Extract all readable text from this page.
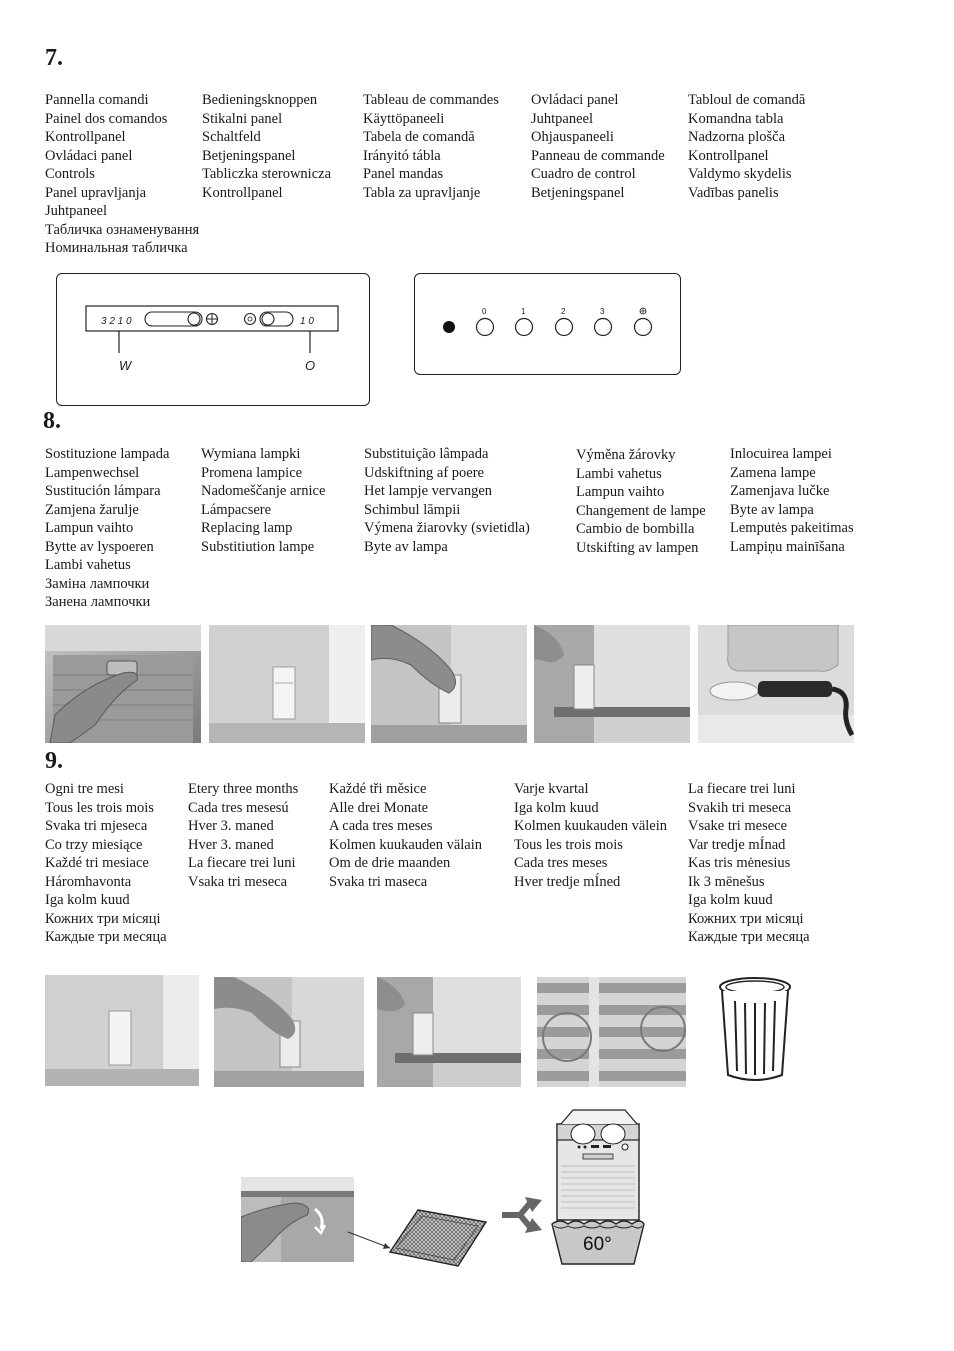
7.
Pannella comandi
Painel dos comandos
Kontrollpanel
Ovládaci panel
Controls
Panel upravljanja
Juhtpaneel
Табличка ознаменування
Номинальная табличка
Bedieningsknoppen
Stikalni panel
Schaltfeld
Betjeningspanel
Tabliczka sterownicza
Kontrollpanel
Tableau de commandes
Käyttöpaneeli
Tabela de comandă
Irányitó tábla
Panel mandas
Tabla za upravljanje
Ovládaci panel
Juhtpaneel
Ohjauspaneeli
Panneau de commande
Cuadro de control
Betjeningspanel
Tabloul de comandă
Komandna tabla
Nadzorna plošča
Kontrollpanel
Valdymo skydelis
Vadības panelis
3 2 1 0	1 0
W	O
0	1	2	3
8.
Sostituzione lampada
Lampenwechsel
Sustitución lámpara
Zamjena žarulje
Lampun vaihto
Bytte av lyspoeren
Lambi vahetus
Заміна лампочки
Занена лампочки
Wymiana lampki
Promena lampice
Nadomeščanje arnice
Lámpacsere
Replacing lamp
Substitiution lampe
Substituição lâmpada
Udskiftning af poere
Het lampje vervangen
Schimbul lămpii
Výmena žiarovky (svietidla)
Byte av lampa
Výměna žárovky
Lambi vahetus
Lampun vaihto
Changement de lampe
Cambio de bombilla
Utskifting av lampen
Inlocuirea lampei
Zamena lampe
Zamenjava lučke
Byte av lampa
Lemputės pakeitimas
Lampiņu mainīšana
9.
Ogni tre mesi
Tous les trois mois
Svaka tri mjeseca
Co trzy miesiące
Každé tri mesiace
Háromhavonta
Iga kolm kuud
Кожних три місяці
Каждые три месяца
Etery three months
Cada tres mesesú
Hver 3. maned
Hver 3. maned
La fiecare trei luni
Vsaka tri meseca
Každé tři měsice
Alle drei Monate
A cada tres meses
Kolmen kuukauden välain
Om de drie maanden
Svaka tri maseca
Varje kvartal
Iga kolm kuud
Kolmen kuukauden välein
Tous les trois mois
Cada tres meses
Hver tredje mÍned
La fiecare trei luni
Svakih tri meseca
Vsake tri mesece
Var tredje mÍnad
Kas tris mėnesius
Ik 3 mēnešus
Iga kolm kuud
Кожних три місяці
Каждые три месяца
60°
